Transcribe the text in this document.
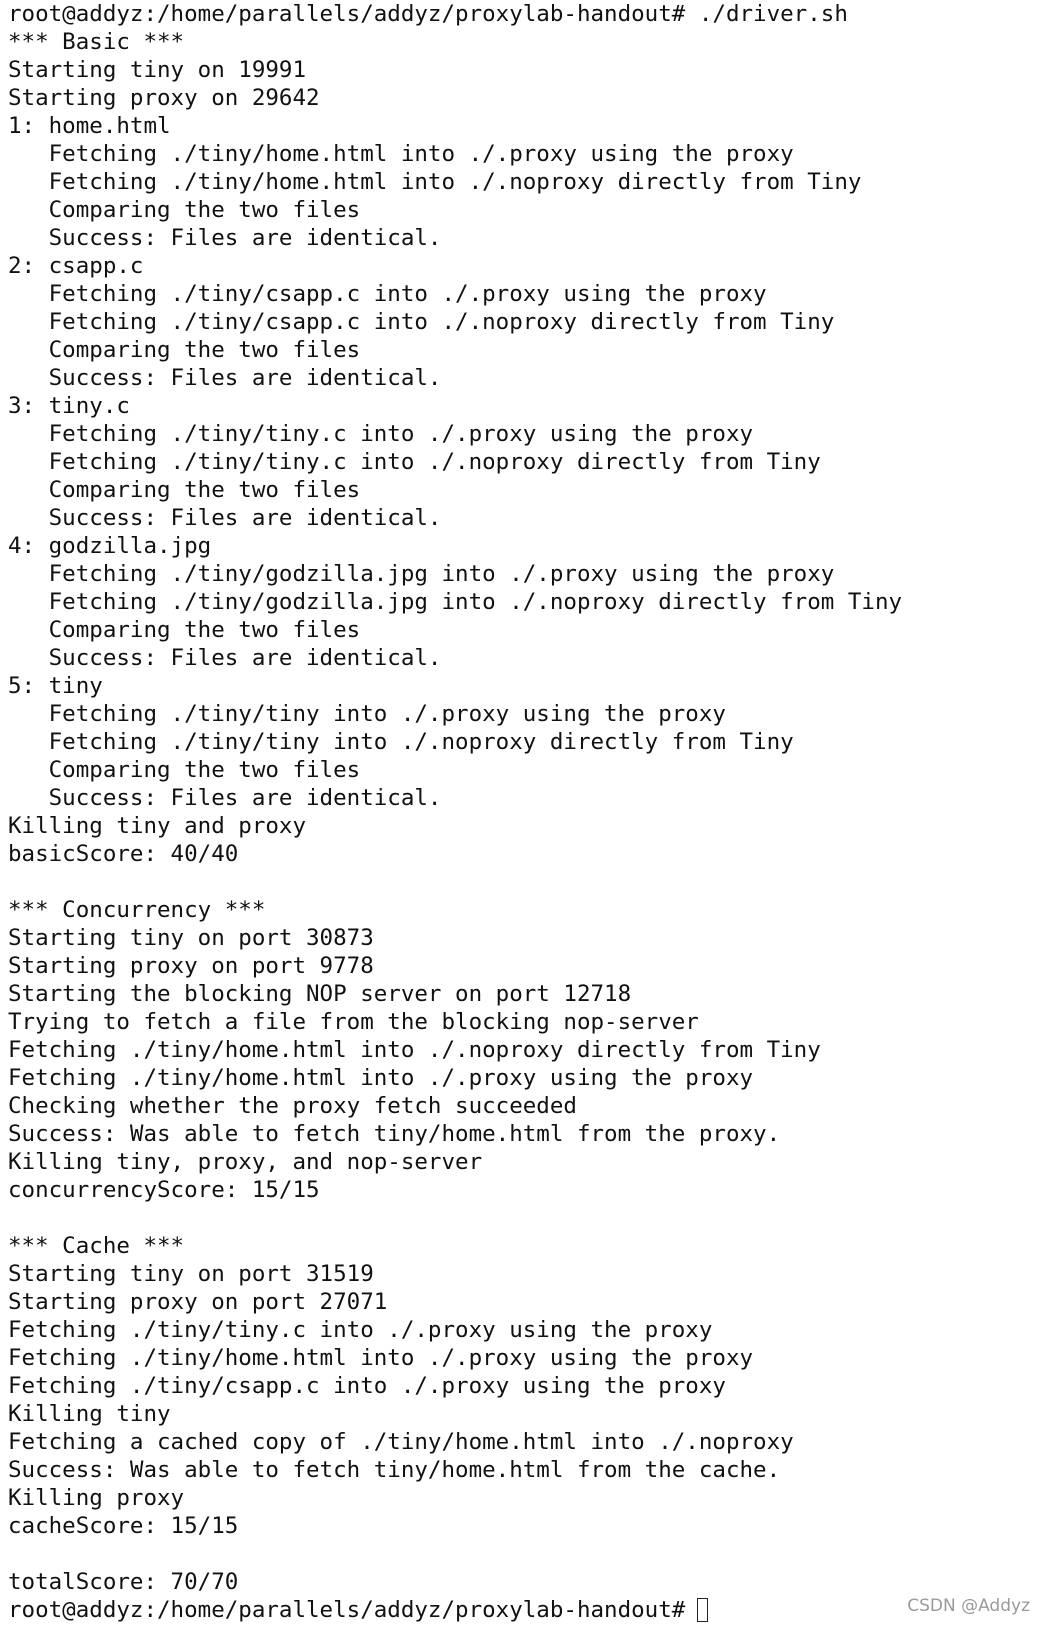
root@addyz:/home/parallels/addyz/proxylab-handout# ./driver.sh
*** Basic ***
Starting tiny on 19991
Starting proxy on 29642
1: home.html
Fetching ./tiny/home.html into ./.proxy using the proxy
Fetching ./tiny/home.html into ./.noproxy directly from Tiny
Comparing the two files
Success: Files are identical.
2: csapp.c
Fetching ./tiny/csapp.c into ./.proxy using the proxy
Fetching ./tiny/csapp.c into ./.noproxy directly from Tiny
Comparing the two files
Success: Files are identical.
3: tiny.c
Fetching ./tiny/tiny.c into ./.proxy using the proxy
Fetching ./tiny/tiny.c into ./.noproxy directly from Tiny
Comparing the two files
Success: Files are identical.
4: godzilla.jpg
Fetching ./tiny/godzilla.jpg into ./.proxy using the proxy
Fetching ./tiny/godzilla.jpg into ./.noproxy directly from Tiny
Comparing the two files
Success: Files are identical.
5: tiny
Fetching ./tiny/tiny into ./.proxy using the proxy
Fetching ./tiny/tiny into ./.noproxy directly from Tiny
Comparing the two files
Success: Files are identical.
Killing tiny and proxy
basicScore: 40/40
*** Concurrency ***
Starting tiny on port 30873
Starting proxy on port 9778
Starting the blocking NOP server on port 12718
Trying to fetch a file from the blocking nop-server
Fetching ./tiny/home.html into ./.noproxy directly from Tiny
Fetching ./tiny/home.html into ./.proxy using the proxy
Checking whether the proxy fetch succeeded
Success: Was able to fetch tiny/home.html from the proxy.
Killing tiny, proxy, and nop-server
concurrencyScore: 15/15
*** Cache ***
Starting tiny on port 31519
Starting proxy on port 27071
Fetching ./tiny/tiny.c into ./.proxy using the proxy
Fetching ./tiny/home.html into ./.proxy using the proxy
Fetching ./tiny/csapp.c into ./.proxy using the proxy
Killing tiny
Fetching a cached copy of ./tiny/home.html into ./.noproxy
Success: Was able to fetch tiny/home.html from the cache.
Killing proxy
cacheScore: 15/15
totalScore: 70/70
root@addyz:/home/parallels/addyz/proxylab-handout#	CSDN @Addyz
